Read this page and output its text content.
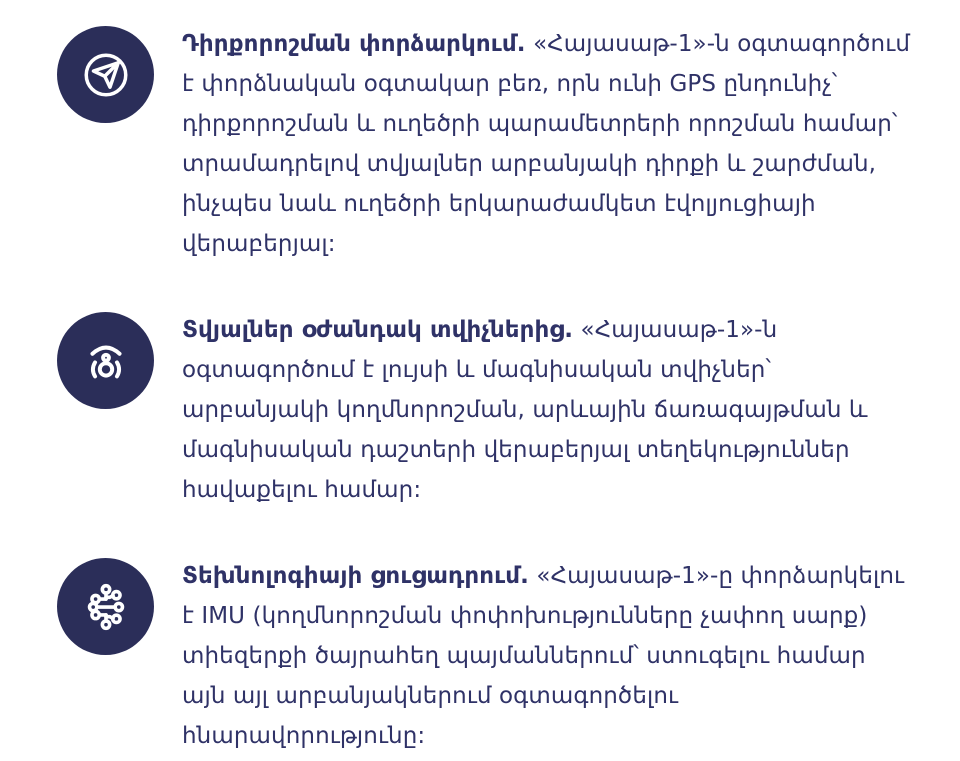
Դիրքորոշման փորձարկում. «Հայասաթ-1»-ն օգտագործում է փորձնական օգտակար բեռ, որն ունի GPS ընդունիչ՝ դիրքորոշման և ուղեծրի պարամետրերի որոշման համար՝ տրամադրելով տվյալներ արբանյակի դիրքի և շարժման, ինչպես նաև ուղեծրի երկարաժամկետ էվոլյուցիայի վերաբերյալ:

Տվյալներ օժանդակ տվիչներից. «Հայասաթ-1»-ն օգտագործում է լույսի և մագնիսական տվիչներ՝ արբանյակի կողմնորոշման, արևային ճառագայթման և մագնիսական դաշտերի վերաբերյալ տեղեկություններ հավաքելու համար:

Տեխնոլոգիայի ցուցադրում. «Հայասաթ-1»-ը փորձարկելու է IMU (կողմնորոշման փոփոխությունները չափող սարք) տիեզերքի ծայրահեղ պայմաններում՝ ստուգելու համար այն այլ արբանյակներում օգտագործելու հնարավորությունը:
